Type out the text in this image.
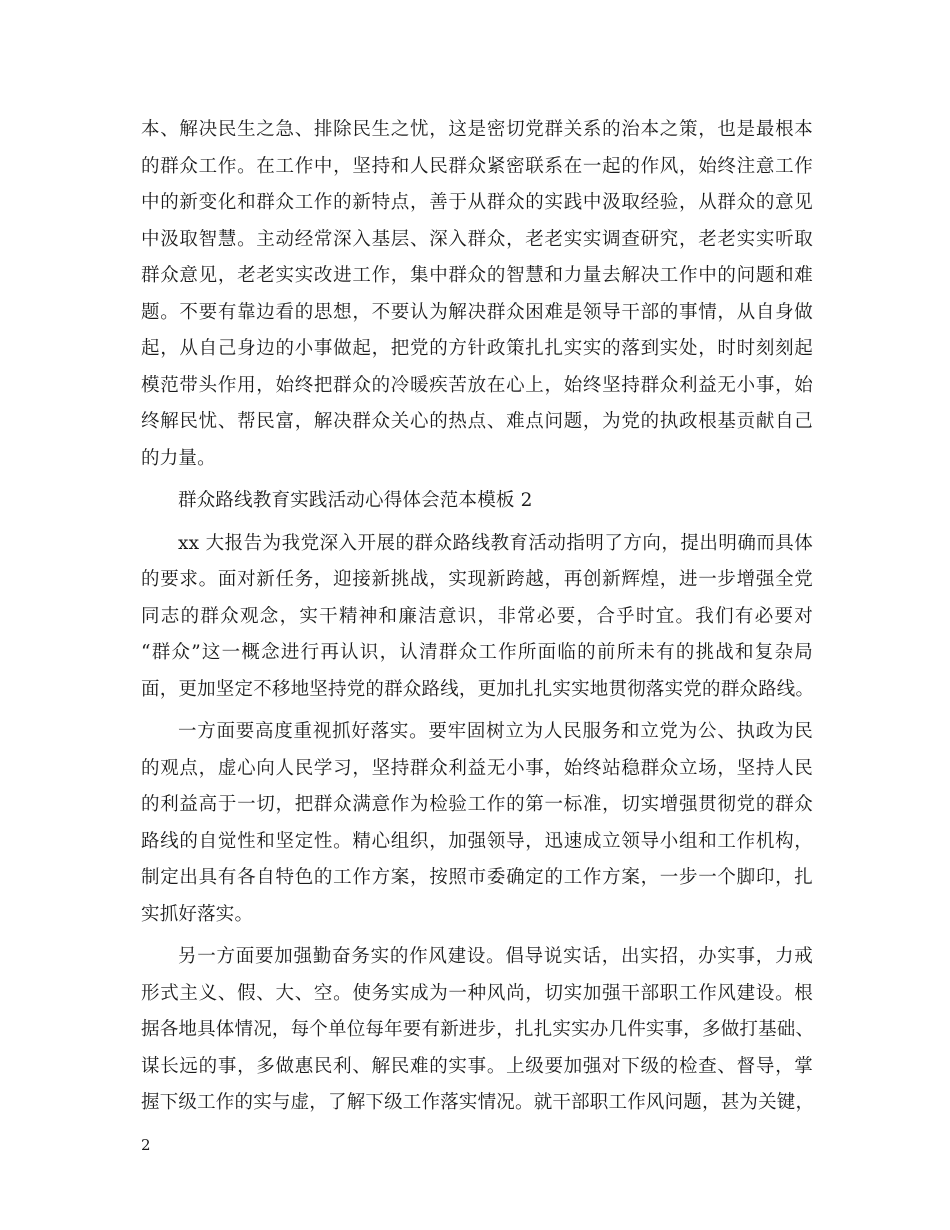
本、解决民生之急、排除民生之忧，这是密切党群关系的治本之策，也是最根本
的群众工作。在工作中，坚持和人民群众紧密联系在一起的作风，始终注意工作
中的新变化和群众工作的新特点，善于从群众的实践中汲取经验，从群众的意见
中汲取智慧。主动经常深入基层、深入群众，老老实实调查研究，老老实实听取
群众意见，老老实实改进工作，集中群众的智慧和力量去解决工作中的问题和难
题。不要有靠边看的思想，不要认为解决群众困难是领导干部的事情，从自身做
起，从自己身边的小事做起，把党的方针政策扎扎实实的落到实处，时时刻刻起
模范带头作用，始终把群众的冷暖疾苦放在心上，始终坚持群众利益无小事，始
终解民忧、帮民富，解决群众关心的热点、难点问题，为党的执政根基贡献自己
的力量。
群众路线教育实践活动心得体会范本模板 2
xx 大报告为我党深入开展的群众路线教育活动指明了方向，提出明确而具体
的要求。面对新任务，迎接新挑战，实现新跨越，再创新辉煌，进一步增强全党
同志的群众观念，实干精神和廉洁意识，非常必要，合乎时宜。我们有必要对
“群众”这一概念进行再认识，认清群众工作所面临的前所未有的挑战和复杂局
面，更加坚定不移地坚持党的群众路线，更加扎扎实实地贯彻落实党的群众路线。
一方面要高度重视抓好落实。要牢固树立为人民服务和立党为公、执政为民
的观点，虚心向人民学习，坚持群众利益无小事，始终站稳群众立场，坚持人民
的利益高于一切，把群众满意作为检验工作的第一标准，切实增强贯彻党的群众
路线的自觉性和坚定性。精心组织，加强领导，迅速成立领导小组和工作机构，
制定出具有各自特色的工作方案，按照市委确定的工作方案，一步一个脚印，扎
实抓好落实。
另一方面要加强勤奋务实的作风建设。倡导说实话，出实招，办实事，力戒
形式主义、假、大、空。使务实成为一种风尚，切实加强干部职工作风建设。根
据各地具体情况，每个单位每年要有新进步，扎扎实实办几件实事，多做打基础、
谋长远的事，多做惠民利、解民难的实事。上级要加强对下级的检查、督导，掌
握下级工作的实与虚，了解下级工作落实情况。就干部职工作风问题，甚为关键，
2
